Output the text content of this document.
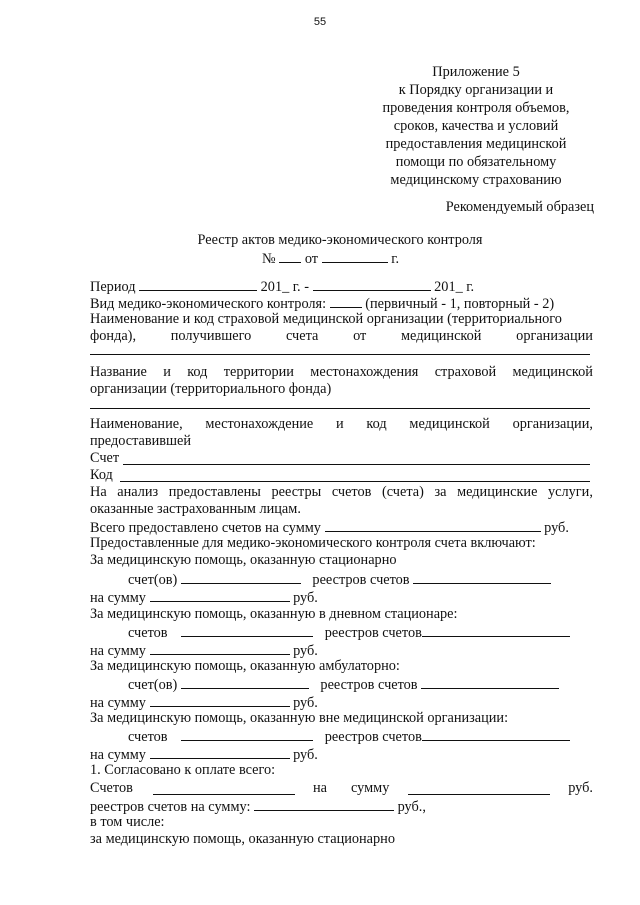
55
Приложение 5
к Порядку организации и
проведения контроля объемов,
сроков, качества и условий
предоставления медицинской
помощи по обязательному
медицинскому страхованию
Рекомендуемый образец
Реестр актов медико-экономического контроля
№ от	г.
Период	201_ г. -	201_ г.
Вид медико-экономического контроля:	(первичный - 1, повторный - 2)
Наименование и код страховой медицинской организации (территориального
фонда), получившего счета от медицинской организации
Название и код территории местонахождения страховой медицинской
организации (территориального фонда)
Наименование, местонахождение и код медицинской организации,
предоставившей
Счет
Код
На анализ предоставлены реестры счетов (счета) за медицинские услуги,
оказанные застрахованным лицам.
Всего предоставлено счетов на сумму	руб.
Предоставленные для медико-экономического контроля счета включают:
За медицинскую помощь, оказанную стационарно
счет(ов)	реестров счетов
на сумму	руб.
За медицинскую помощь, оказанную в дневном стационаре:
счетов	реестров счетов
на сумму	руб.
За медицинскую помощь, оказанную амбулаторно:
счет(ов)	реестров счетов
на сумму	руб.
За медицинскую помощь, оказанную вне медицинской организации:
счетов	реестров счетов
на сумму	руб.
1. Согласовано к оплате всего:
Счетов	на сумму	руб.
реестров счетов на сумму:	руб.,
в том числе:
за медицинскую помощь, оказанную стационарно
